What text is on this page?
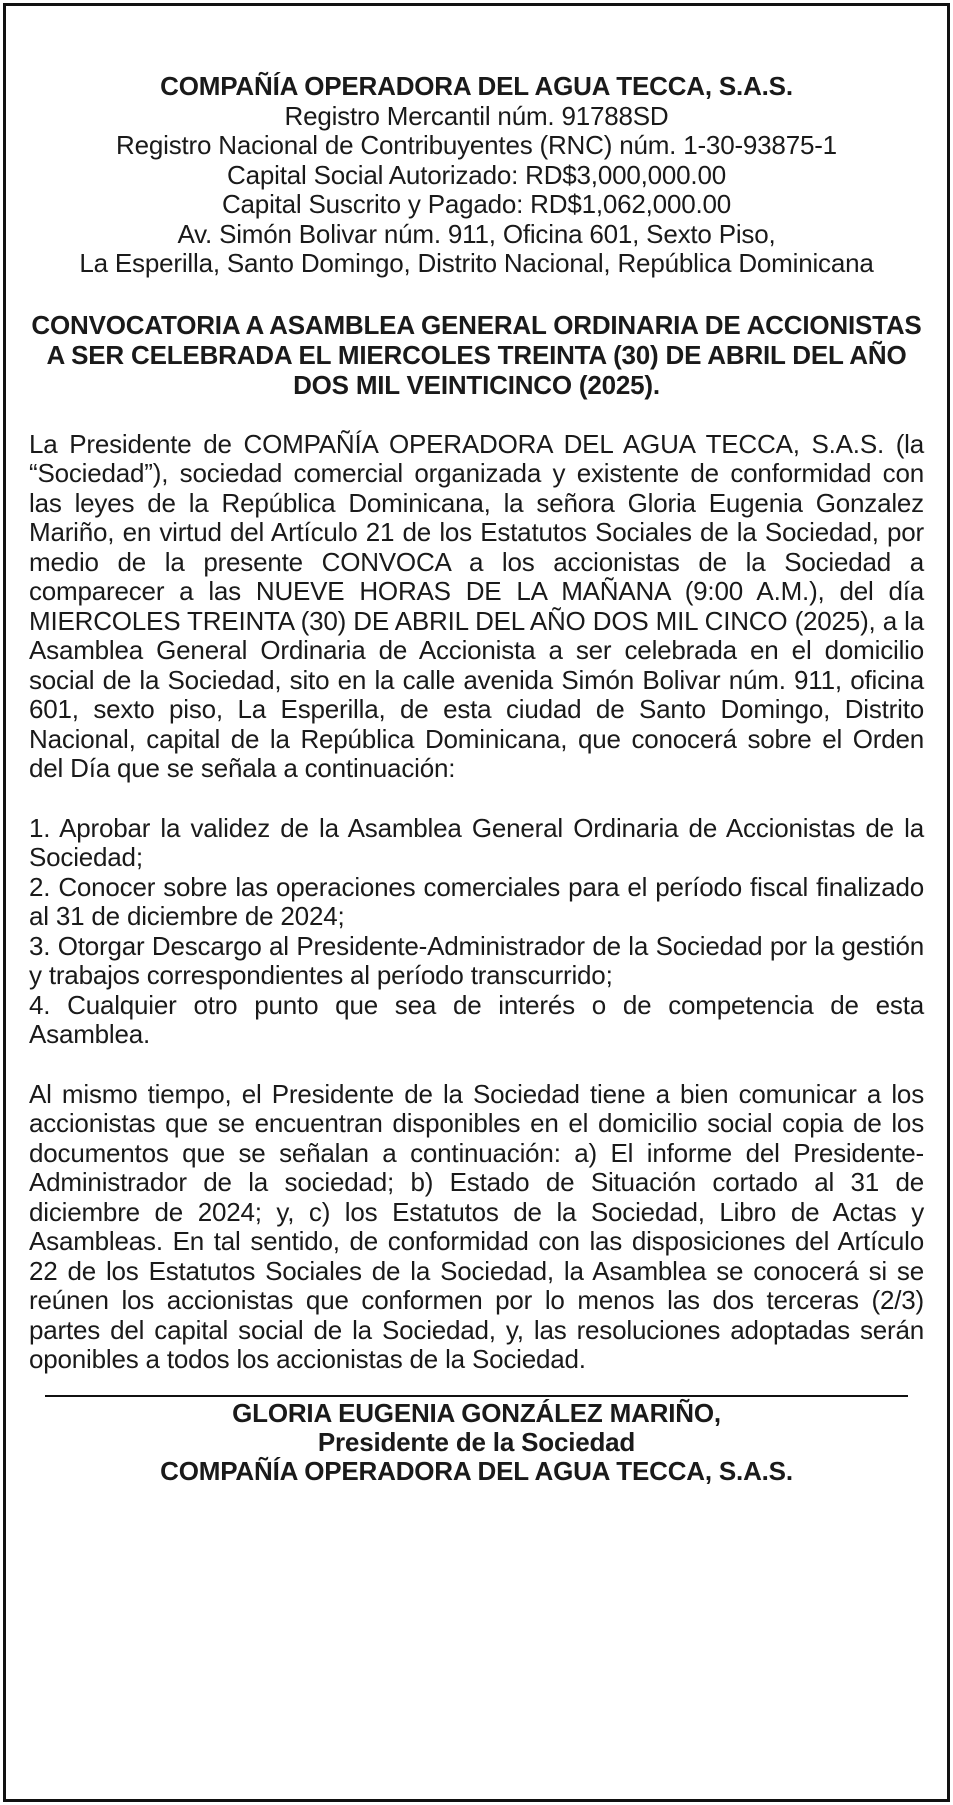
COMPAÑÍA OPERADORA DEL AGUA TECCA, S.A.S.
Registro Mercantil núm. 91788SD
Registro Nacional de Contribuyentes (RNC) núm. 1-30-93875-1
Capital Social Autorizado: RD$3,000,000.00
Capital Suscrito y Pagado: RD$1,062,000.00
Av. Simón Bolivar núm. 911, Oficina 601, Sexto Piso,
La Esperilla, Santo Domingo, Distrito Nacional, República Dominicana
CONVOCATORIA A ASAMBLEA GENERAL ORDINARIA DE ACCIONISTAS A SER CELEBRADA EL MIERCOLES TREINTA (30) DE ABRIL DEL AÑO DOS MIL VEINTICINCO (2025).
La Presidente de COMPAÑÍA OPERADORA DEL AGUA TECCA, S.A.S. (la “Sociedad”), sociedad comercial organizada y existente de conformidad con las leyes de la República Dominicana, la señora Gloria Eugenia Gonzalez Mariño, en virtud del Artículo 21 de los Estatutos Sociales de la Sociedad, por medio de la presente CONVOCA a los accionistas de la Sociedad a comparecer a las NUEVE HORAS DE LA MAÑANA (9:00 A.M.), del día MIERCOLES TREINTA (30) DE ABRIL DEL AÑO DOS MIL CINCO (2025), a la Asamblea General Ordinaria de Accionista a ser celebrada en el domicilio social de la Sociedad, sito en la calle avenida Simón Bolivar núm. 911, oficina 601, sexto piso, La Esperilla, de esta ciudad de Santo Domingo, Distrito Nacional, capital de la República Dominicana, que conocerá sobre el Orden del Día que se señala a continuación:
1. Aprobar la validez de la Asamblea General Ordinaria de Accionistas de la Sociedad;
2. Conocer sobre las operaciones comerciales para el período fiscal finalizado al 31 de diciembre de 2024;
3. Otorgar Descargo al Presidente-Administrador de la Sociedad por la gestión y trabajos correspondientes al período transcurrido;
4. Cualquier otro punto que sea de interés o de competencia de esta Asamblea.
Al mismo tiempo, el Presidente de la Sociedad tiene a bien comunicar a los accionistas que se encuentran disponibles en el domicilio social copia de los documentos que se señalan a continuación: a) El informe del Presidente-Administrador de la sociedad; b) Estado de Situación cortado al 31 de diciembre de 2024; y, c) los Estatutos de la Sociedad, Libro de Actas y Asambleas. En tal sentido, de conformidad con las disposiciones del Artículo 22 de los Estatutos Sociales de la Sociedad, la Asamblea se conocerá si se reúnen los accionistas que conformen por lo menos las dos terceras (2/3) partes del capital social de la Sociedad, y, las resoluciones adoptadas serán oponibles a todos los accionistas de la Sociedad.
GLORIA EUGENIA GONZÁLEZ MARIÑO,
Presidente de la Sociedad
COMPAÑÍA OPERADORA DEL AGUA TECCA, S.A.S.
